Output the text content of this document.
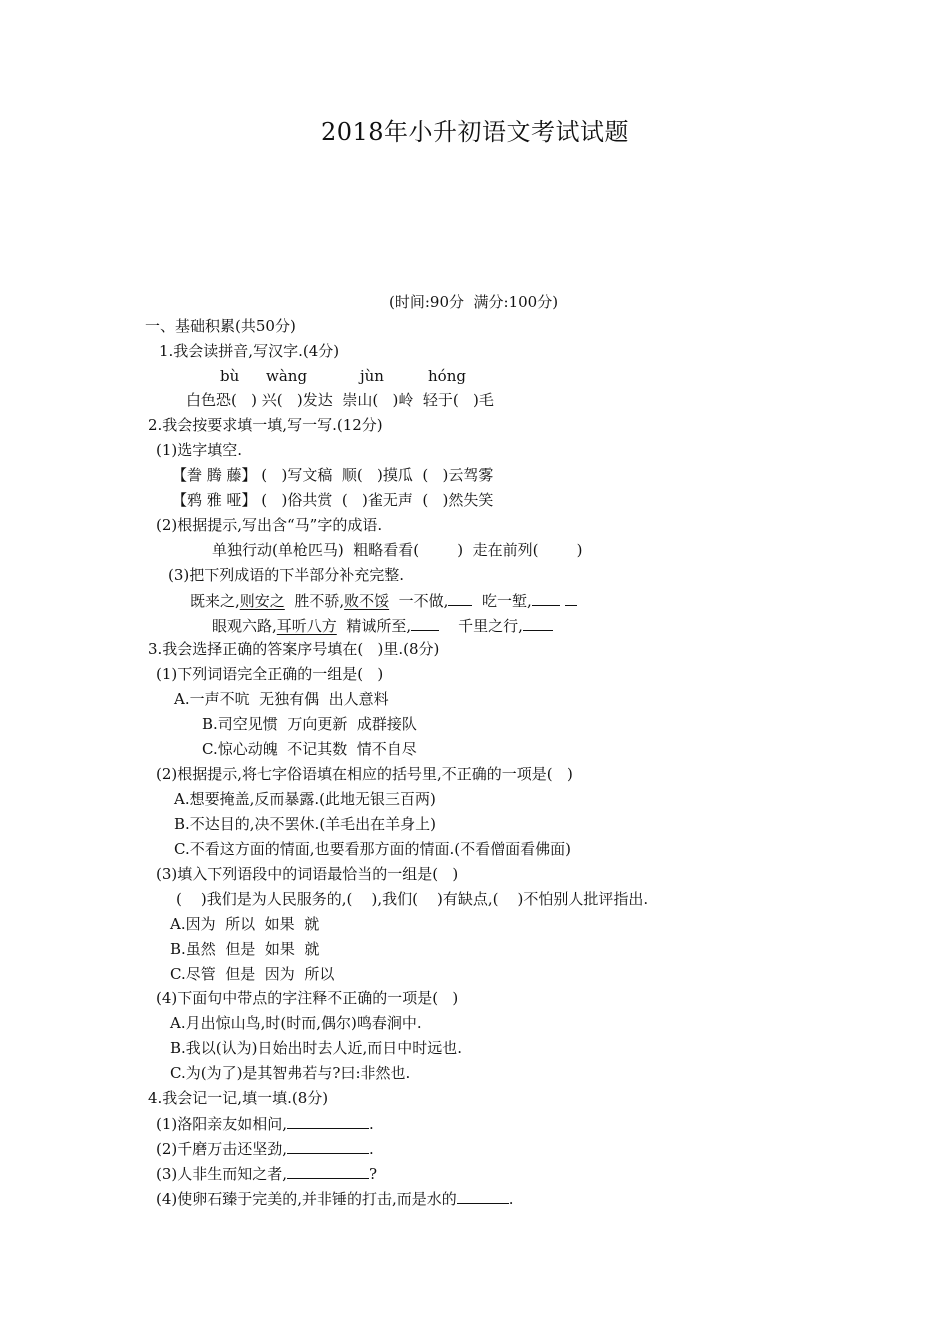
2018年小升初语文考试试题
(时间:90分  满分:100分)
一、基础积累(共50分)
1.我会读拼音,写汉字.(4分)
bù wàng	jùn	hóng
白色恐(   ) 兴(   )发达  崇山(   )岭  轻于(   )毛
2.我会按要求填一填,写一写.(12分)
(1)选字填空.
【誊 腾 藤】 (   )写文稿  顺(   )摸瓜  (   )云驾雾
【鸦 雅 哑】 (   )俗共赏  (   )雀无声  (   )然失笑
(2)根据提示,写出含“马”字的成语.
单独行动(单枪匹马)  粗略看看(        )  走在前列(        )
(3)把下列成语的下半部分补充完整.
既来之,则安之  胜不骄,败不馁  一不做,  吃一堑,
眼观六路,耳听八方  精诚所至,    千里之行,
3.我会选择正确的答案序号填在(   )里.(8分)
(1)下列词语完全正确的一组是(   )
A.一声不吭  无独有偶  出人意料
B.司空见惯  万向更新  成群接队
C.惊心动魄  不记其数  情不自尽
(2)根据提示,将七字俗语填在相应的括号里,不正确的一项是(   )
A.想要掩盖,反而暴露.(此地无银三百两)
B.不达目的,决不罢休.(羊毛出在羊身上)
C.不看这方面的情面,也要看那方面的情面.(不看僧面看佛面)
(3)填入下列语段中的词语最恰当的一组是(   )
(    )我们是为人民服务的,(    ),我们(    )有缺点,(    )不怕别人批评指出.
A.因为  所以  如果  就
B.虽然  但是  如果  就
C.尽管  但是  因为  所以
(4)下面句中带点的字注释不正确的一项是(   )
A.月出惊山鸟,时(时而,偶尔)鸣春涧中.
B.我以(认为)日始出时去人近,而日中时远也.
C.为(为了)是其智弗若与?曰:非然也.
4.我会记一记,填一填.(8分)
(1)洛阳亲友如相问,	.
(2)千磨万击还坚劲,	.
(3)人非生而知之者,	?
(4)使卵石臻于完美的,并非锤的打击,而是水的	.
